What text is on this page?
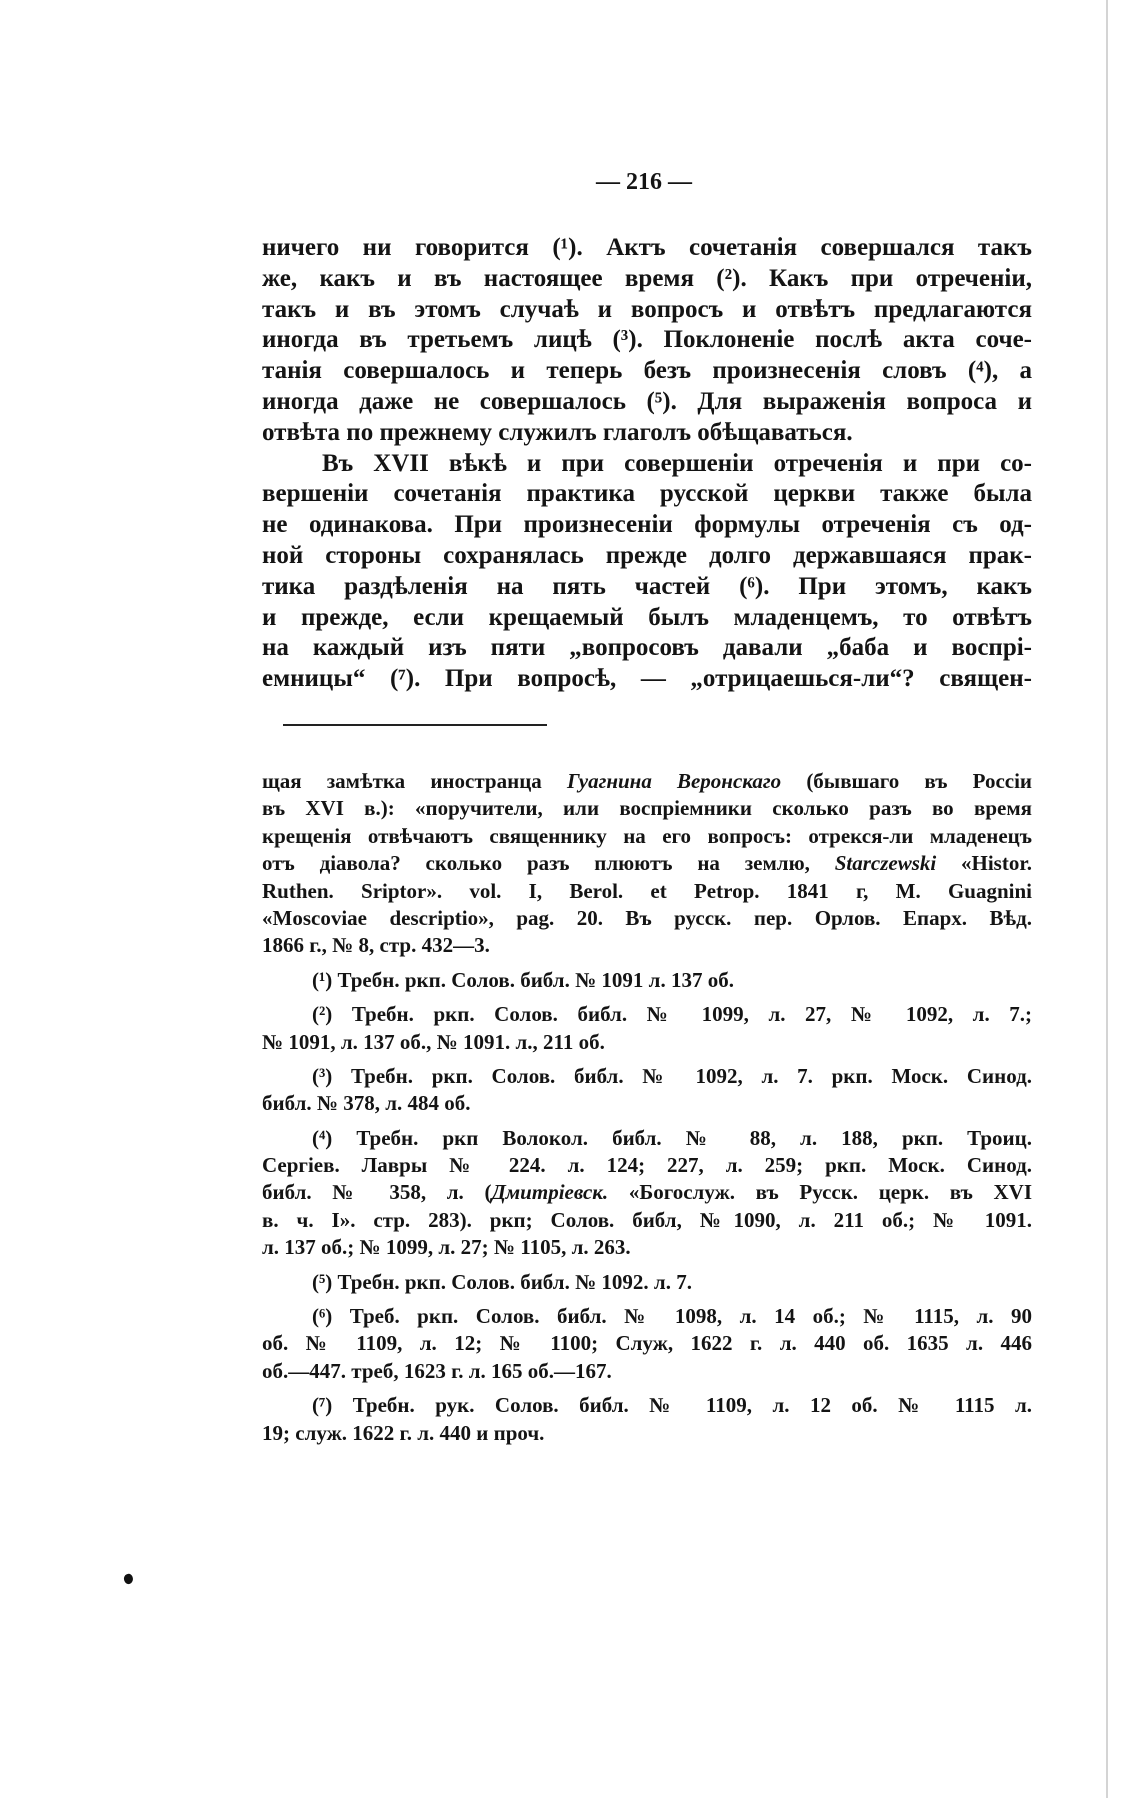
— 216 —
ничего ни говорится (¹). Актъ сочетанія совершался такъ
же, какъ и въ настоящее время (²). Какъ при отреченіи,
такъ и въ этомъ случаѣ и вопросъ и отвѣтъ предлагаются
иногда въ третьемъ лицѣ (³). Поклоненіе послѣ акта соче-
танія совершалось и теперь безъ произнесенія словъ (⁴), а
иногда даже не совершалось (⁵). Для выраженія вопроса и
отвѣта по прежнему служилъ глаголъ обѣщаваться.
Въ XVII вѣкѣ и при совершеніи отреченія и при со-
вершеніи сочетанія практика русской церкви также была
не одинакова. При произнесеніи формулы отреченія съ од-
ной стороны сохранялась прежде долго державшаяся прак-
тика раздѣленія на пять частей (⁶). При этомъ, какъ
и прежде, если крещаемый былъ младенцемъ, то отвѣтъ
на каждый изъ пяти „вопросовъ давали „баба и воспрі-
емницы“ (⁷). При вопросѣ, — „отрицаешься-ли“? священ-
щая замѣтка иностранца Гуагнина Веронскаго (бывшаго въ Россіи
въ XVI в.): «поручители, или воспріемники сколько разъ во время
крещенія отвѣчаютъ священнику на его вопросъ: отрекся-ли младенецъ
отъ діавола? сколько разъ плюютъ на землю, Starczewski «Histor.
Ruthen. Sriptor». vol. I, Berol. et Petrop. 1841 г, M. Guagnini
«Moscoviae descriptio», pag. 20. Въ русск. пер. Орлов. Епарх. Вѣд.
1866 г., № 8, стр. 432—3.
(¹) Требн. ркп. Солов. библ. № 1091 л. 137 об.
(²) Требн. ркп. Солов. библ. № 1099, л. 27, № 1092, л. 7.;
№ 1091, л. 137 об., № 1091. л., 211 об.
(³) Требн. ркп. Солов. библ. № 1092, л. 7. ркп. Моск. Синод.
библ. № 378, л. 484 об.
(⁴) Требн. ркп Волокол. библ. № 88, л. 188, ркп. Троиц.
Сергіев. Лавры № 224. л. 124; 227, л. 259; ркп. Моск. Синод.
библ. № 358, л. (Дмитріевск. «Богослуж. въ Русск. церк. въ XVI
в. ч. I». стр. 283). ркп; Солов. библ, №1090, л. 211 об.; № 1091.
л. 137 об.; № 1099, л. 27; № 1105, л. 263.
(⁵) Требн. ркп. Солов. библ. № 1092. л. 7.
(⁶) Треб. ркп. Солов. библ. № 1098, л. 14 об.; № 1115, л. 90
об. № 1109, л. 12; № 1100; Служ, 1622 г. л. 440 об. 1635 л. 446
об.—447. треб, 1623 г. л. 165 об.—167.
(⁷) Требн. рук. Солов. библ. № 1109, л. 12 об. № 1115 л.
19; служ. 1622 г. л. 440 и проч.
